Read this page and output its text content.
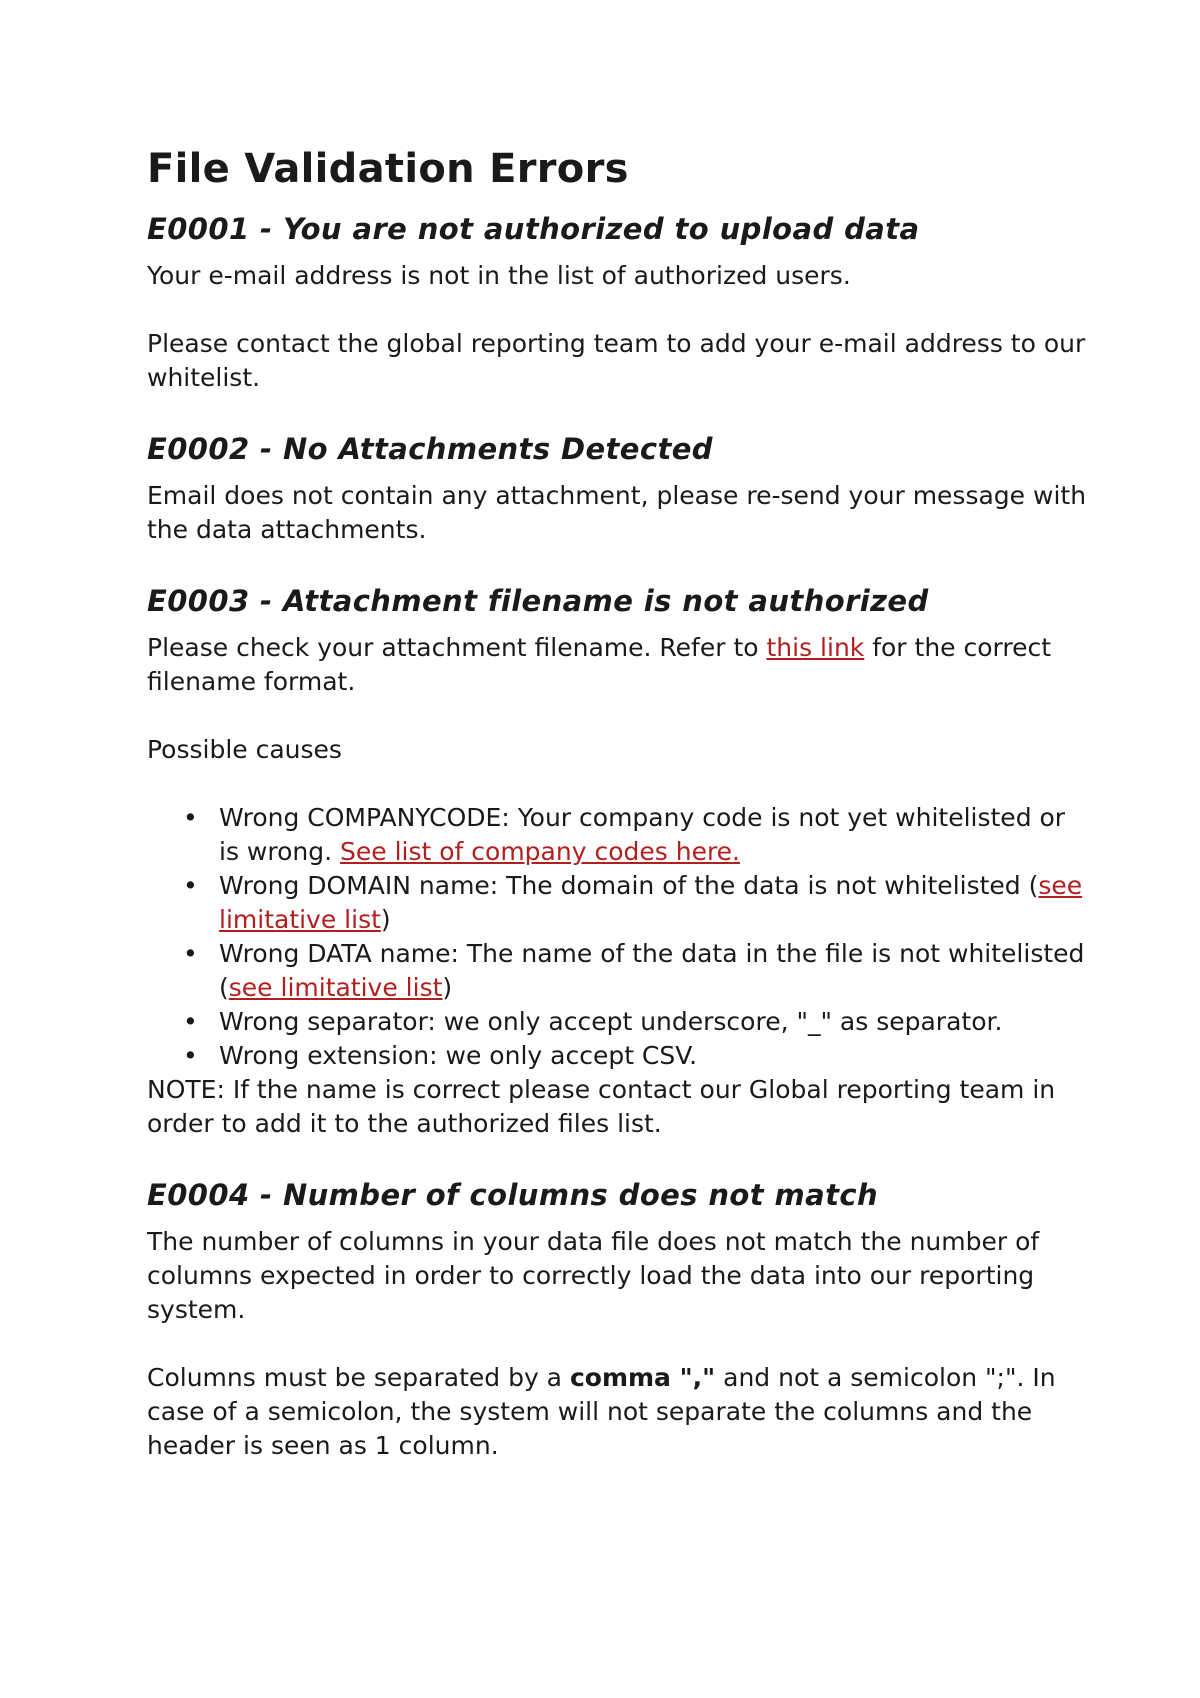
File Validation Errors
E0001 - You are not authorized to upload data

Your e-mail address is not in the list of authorized users.

Please contact the global reporting team to add your e-mail address to our whitelist.

E0002 - No Attachments Detected

Email does not contain any attachment, please re-send your message with the data attachments.

E0003 - Attachment filename is not authorized

Please check your attachment filename. Refer to this link for the correct filename format.

Possible causes

• Wrong COMPANYCODE: Your company code is not yet whitelisted or is wrong. See list of company codes here.
• Wrong DOMAIN name: The domain of the data is not whitelisted (see limitative list)
• Wrong DATA name: The name of the data in the file is not whitelisted (see limitative list)
• Wrong separator: we only accept underscore, "_" as separator.
• Wrong extension: we only accept CSV.

NOTE: If the name is correct please contact our Global reporting team in order to add it to the authorized files list.

E0004 - Number of columns does not match

The number of columns in your data file does not match the number of columns expected in order to correctly load the data into our reporting system.

Columns must be separated by a comma "," and not a semicolon ";". In case of a semicolon, the system will not separate the columns and the header is seen as 1 column.
